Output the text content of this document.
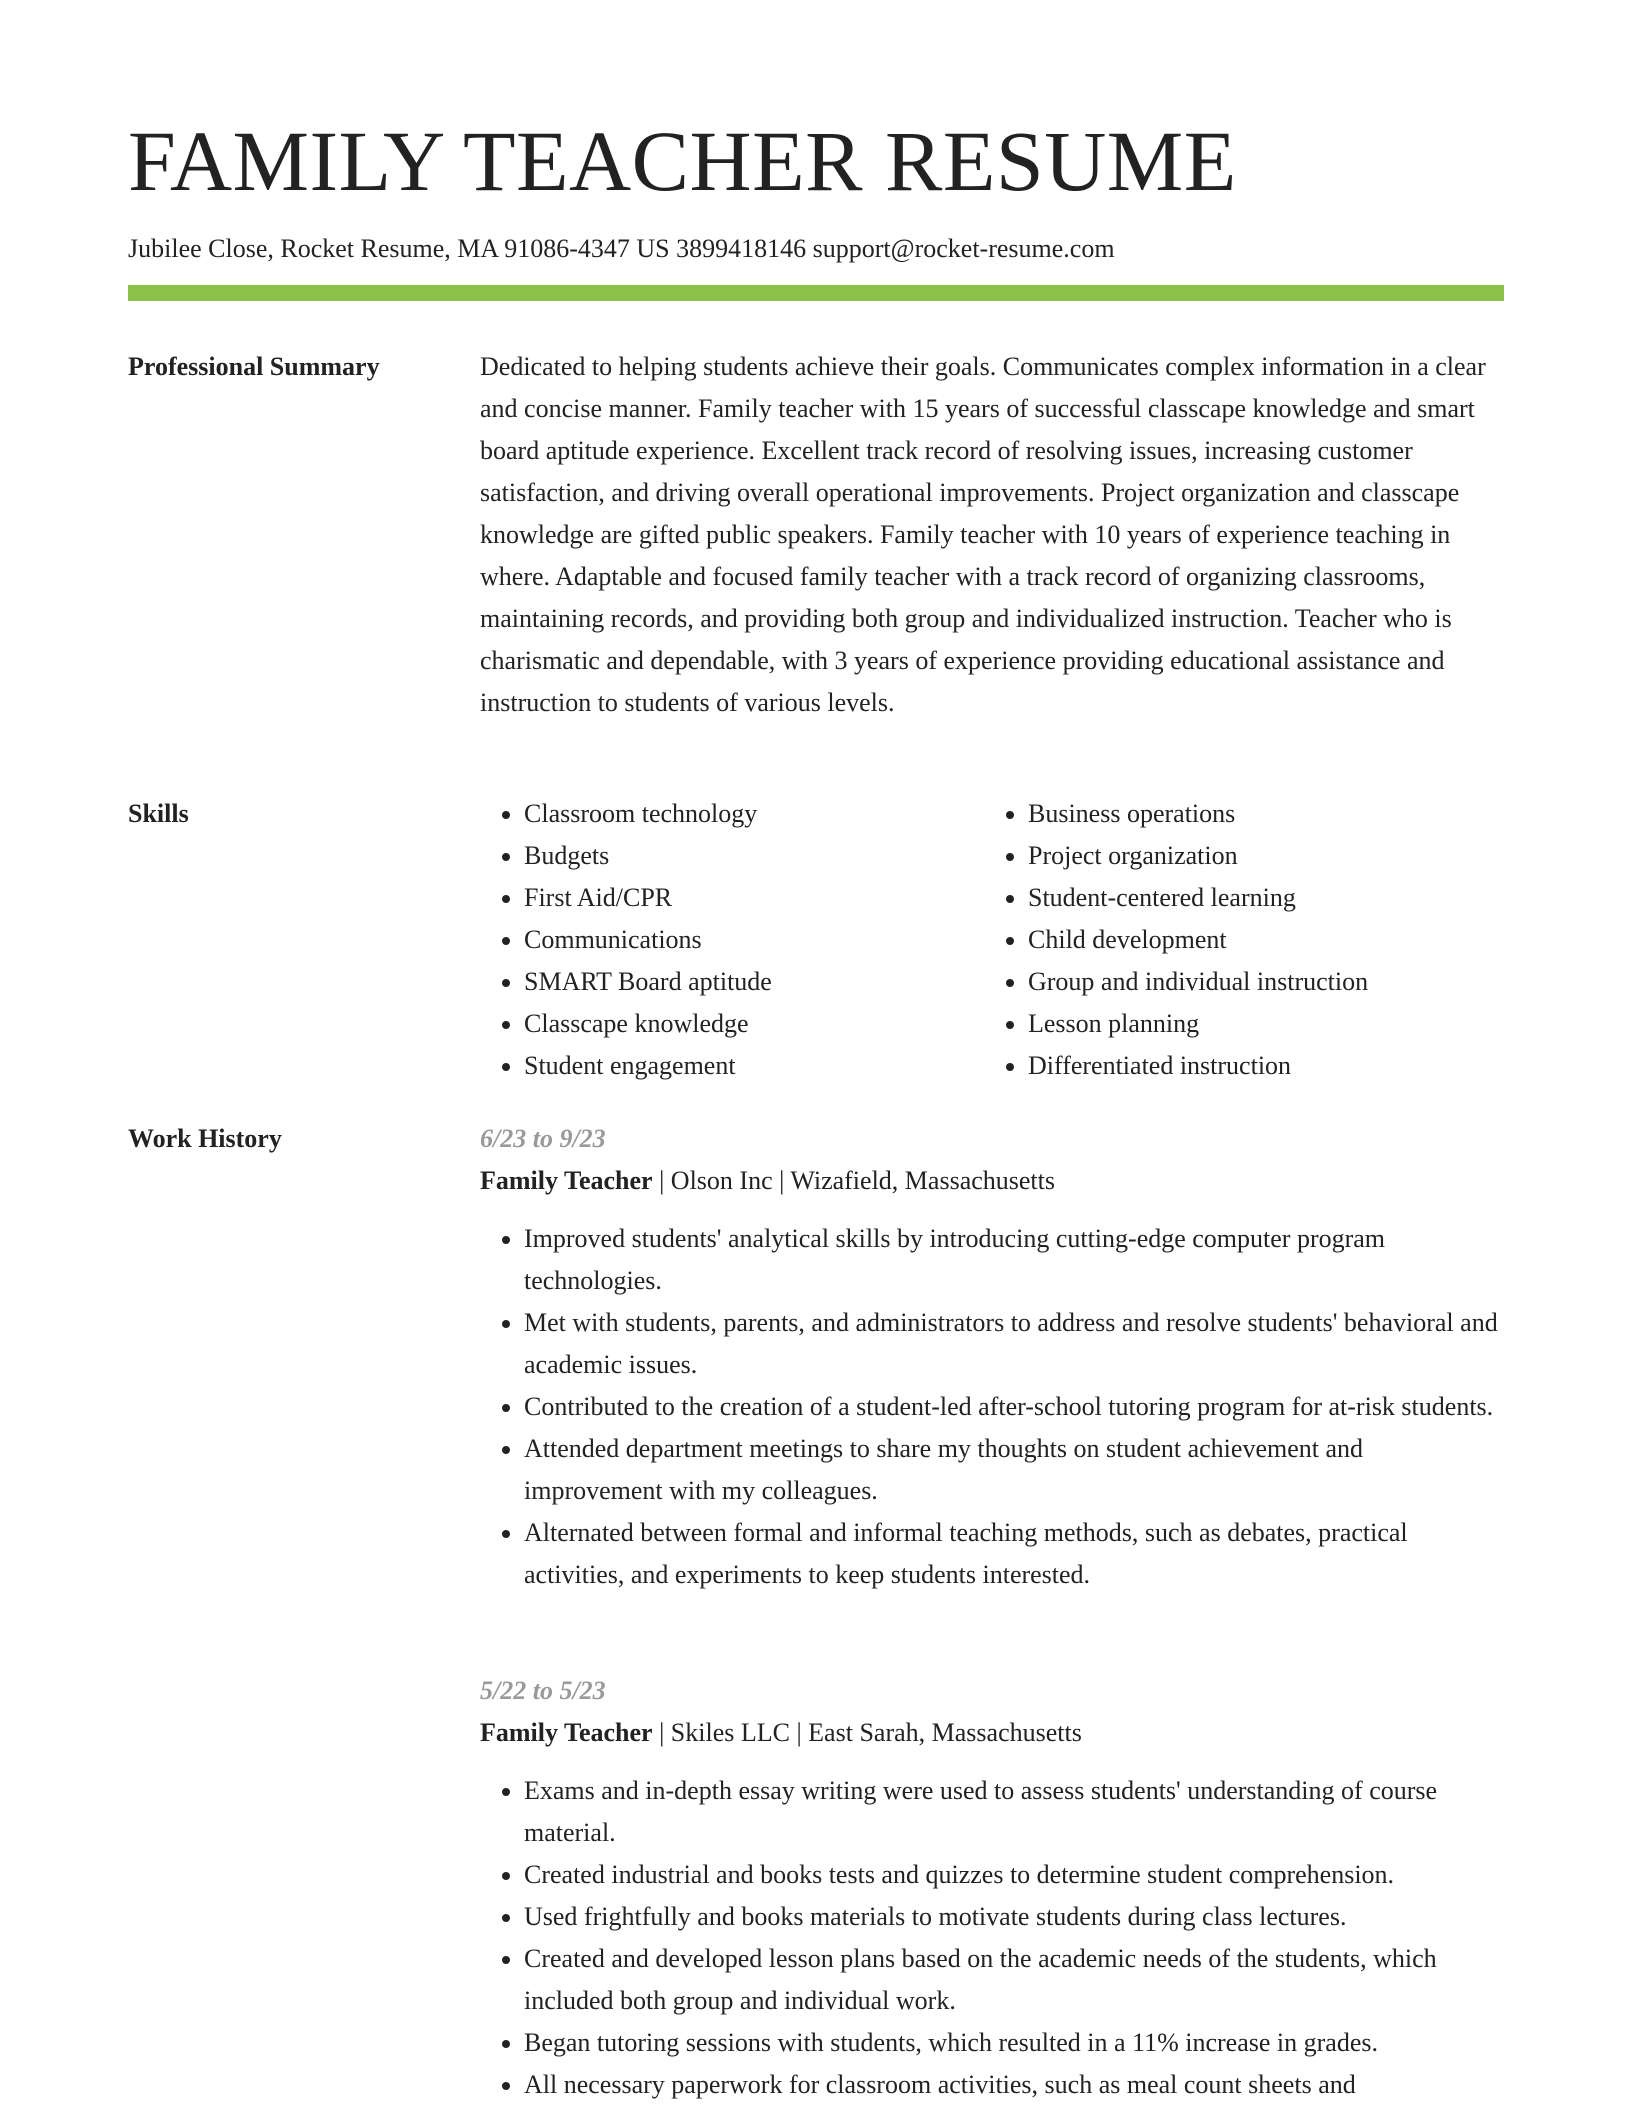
FAMILY TEACHER RESUME
Jubilee Close, Rocket Resume, MA 91086-4347 US 3899418146 support@rocket-resume.com
Professional Summary	Dedicated to helping students achieve their goals. Communicates complex information in a clear and concise manner. Family teacher with 15 years of successful classcape knowledge and smart board aptitude experience. Excellent track record of resolving issues, increasing customer satisfaction, and driving overall operational improvements. Project organization and classcape knowledge are gifted public speakers. Family teacher with 10 years of experience teaching in where. Adaptable and focused family teacher with a track record of organizing classrooms, maintaining records, and providing both group and individualized instruction. Teacher who is charismatic and dependable, with 3 years of experience providing educational assistance and instruction to students of various levels.

Skills
•	Classroom technology
• Budgets
• First Aid/CPR
• Communications
• SMART Board aptitude
• Classcape knowledge
• Student engagement
• Business operations
• Project organization
• Student-centered learning
• Child development
• Group and individual instruction
• Lesson planning
• Differentiated instruction
Work History	6/23 to 9/23
Family Teacher | Olson Inc | Wizafield, Massachusetts
• Improved students' analytical skills by introducing cutting-edge computer program technologies.
• Met with students, parents, and administrators to address and resolve students' behavioral and academic issues.
• Contributed to the creation of a student-led after-school tutoring program for at-risk students.
• Attended department meetings to share my thoughts on student achievement and improvement with my colleagues.
• Alternated between formal and informal teaching methods, such as debates, practical activities, and experiments to keep students interested.
5/22 to 5/23
Family Teacher | Skiles LLC | East Sarah, Massachusetts
• Exams and in-depth essay writing were used to assess students' understanding of course material.
• Created industrial and books tests and quizzes to determine student comprehension.
• Used frightfully and books materials to motivate students during class lectures.
• Created and developed lesson plans based on the academic needs of the students, which included both group and individual work.
• Began tutoring sessions with students, which resulted in a 11% increase in grades.
• All necessary paperwork for classroom activities, such as meal count sheets and
